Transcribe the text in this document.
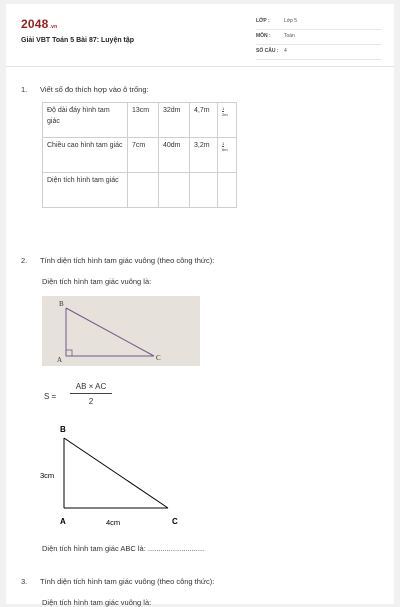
2048.vn
Giải VBT Toán 5 Bài 87: Luyện tập
LỚP :	Lớp 5
MÔN :	Toán
SỐ CÂU : 4
1. Viết số đo thích hợp vào ô trống:
Độ dài đáy hình tam giác	13cm	32dm	4,7m	$\frac{1}{2}$ m
Chiều cao hình tam giác	7cm	40dm	3,2m	$\frac{1}{6}$ m
Diện tích hình tam giác				
2. Tính diện tích hình tam giác vuông (theo công thức):
Diện tích hình tam giác vuông là:
B
A	C
S =
AB × AC
2
B
A	C
3cm
4cm
Diện tích hình tam giác ABC là: ...........................
3. Tính diện tích hình tam giác vuông (theo công thức):
Diện tích hình tam giác vuông là:
